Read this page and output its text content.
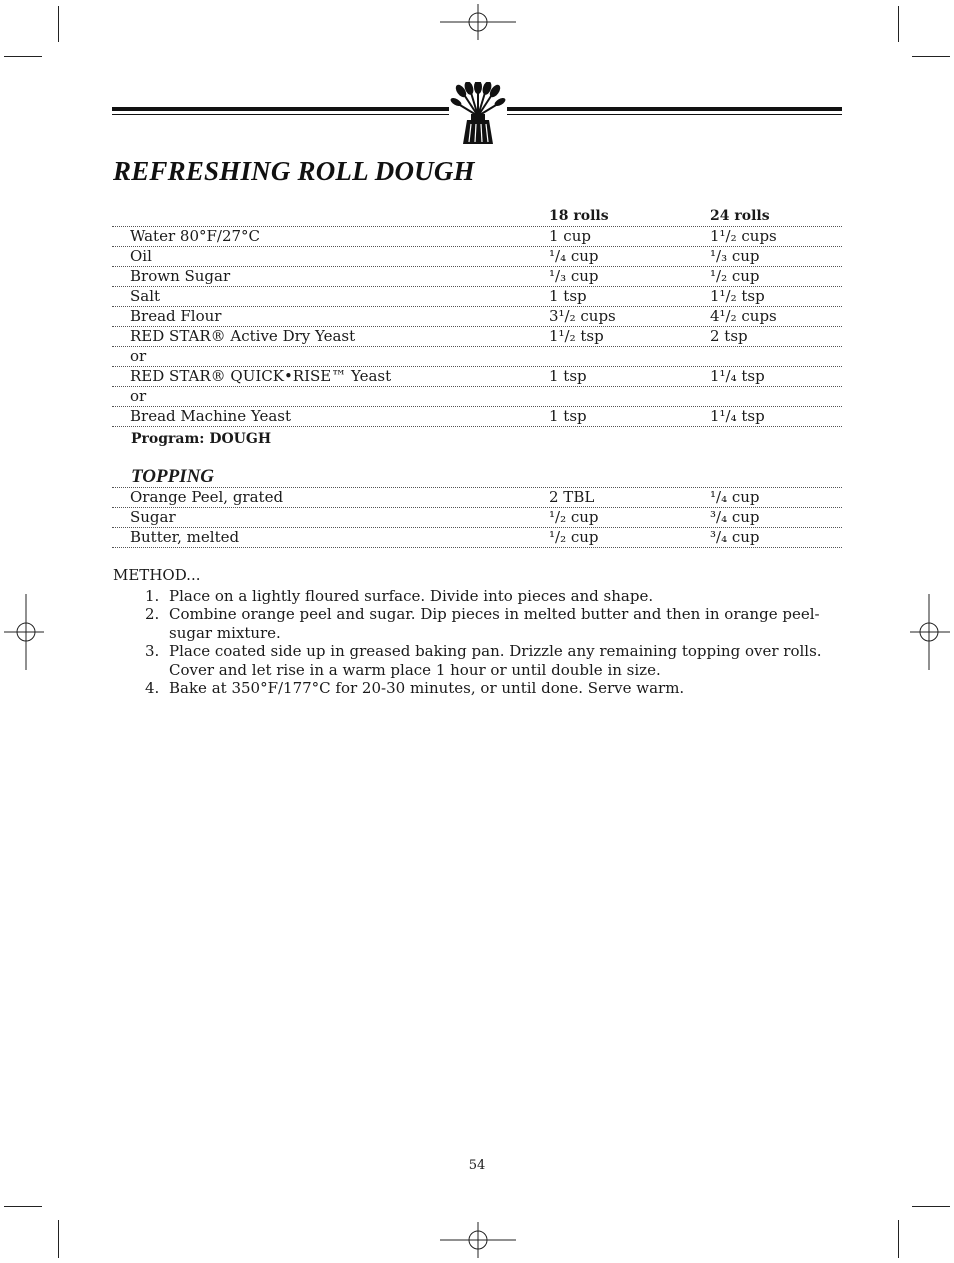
REFRESHING ROLL DOUGH
18 rolls	24 rolls
Water 80°F/27°C	1 cup	1¹/₂ cups
Oil	¹/₄ cup	¹/₃ cup
Brown Sugar	¹/₃ cup	¹/₂ cup
Salt	1 tsp	1¹/₂ tsp
Bread Flour	3¹/₂ cups	4¹/₂ cups
RED STAR® Active Dry Yeast	1¹/₂ tsp	2 tsp
or
RED STAR® QUICK•RISE™ Yeast	1 tsp	1¹/₄ tsp
or
Bread Machine Yeast	1 tsp	1¹/₄ tsp
Program: DOUGH
TOPPING
Orange Peel, grated	2 TBL	¹/₄ cup
Sugar	¹/₂ cup	³/₄ cup
Butter, melted	¹/₂ cup	³/₄ cup

METHOD...

1. Place on a lightly floured surface. Divide into pieces and shape.

2. Combine orange peel and sugar. Dip pieces in melted butter and then in orange peel-sugar mixture.

3. Place coated side up in greased baking pan. Drizzle any remaining topping over rolls. Cover and let rise in a warm place 1 hour or until double in size.

4. Bake at 350°F/177°C for 20-30 minutes, or until done. Serve warm.

54
